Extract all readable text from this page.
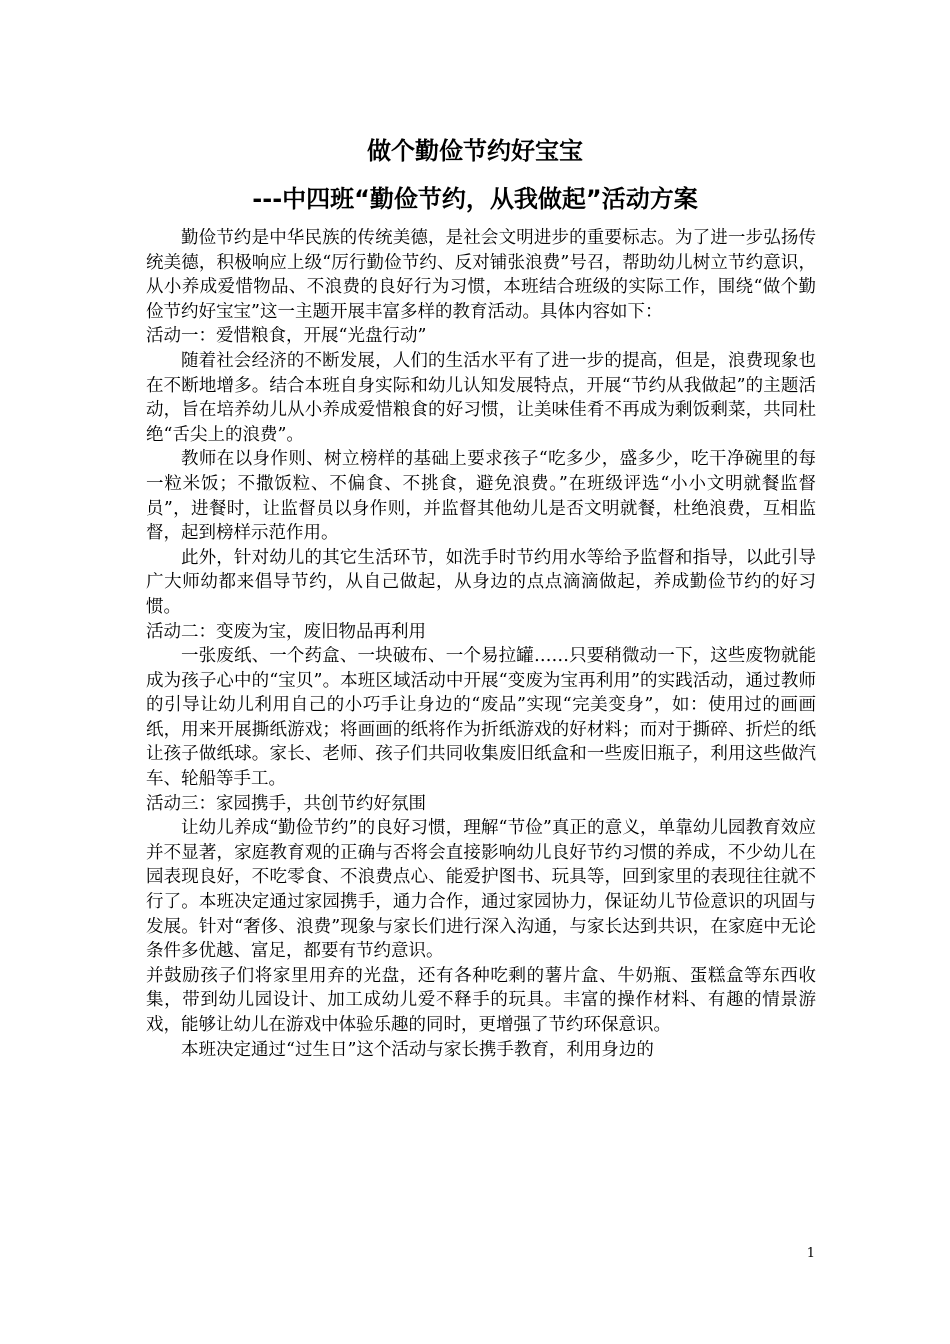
做个勤俭节约好宝宝
---中四班“勤俭节约，从我做起”活动方案

勤俭节约是中华民族的传统美德，是社会文明进步的重要标志。为了进一步弘扬传统美德，积极响应上级“厉行勤俭节约、反对铺张浪费”号召，帮助幼儿树立节约意识，从小养成爱惜物品、不浪费的良好行为习惯，本班结合班级的实际工作，围绕“做个勤俭节约好宝宝”这一主题开展丰富多样的教育活动。具体内容如下：

活动一：爱惜粮食，开展“光盘行动”

随着社会经济的不断发展，人们的生活水平有了进一步的提高，但是，浪费现象也在不断地增多。结合本班自身实际和幼儿认知发展特点，开展“节约从我做起”的主题活动，旨在培养幼儿从小养成爱惜粮食的好习惯，让美味佳肴不再成为剩饭剩菜，共同杜绝“舌尖上的浪费”。

教师在以身作则、树立榜样的基础上要求孩子“吃多少，盛多少，吃干净碗里的每一粒米饭；不撒饭粒、不偏食、不挑食，避免浪费。”在班级评选“小小文明就餐监督员”，进餐时，让监督员以身作则，并监督其他幼儿是否文明就餐，杜绝浪费，互相监督，起到榜样示范作用。

此外，针对幼儿的其它生活环节，如洗手时节约用水等给予监督和指导，以此引导广大师幼都来倡导节约，从自己做起，从身边的点点滴滴做起，养成勤俭节约的好习惯。

活动二：变废为宝，废旧物品再利用

一张废纸、一个药盒、一块破布、一个易拉罐……只要稍微动一下，这些废物就能成为孩子心中的“宝贝”。本班区域活动中开展“变废为宝再利用”的实践活动，通过教师的引导让幼儿利用自己的小巧手让身边的“废品”实现“完美变身”，如：使用过的画画纸，用来开展撕纸游戏；将画画的纸将作为折纸游戏的好材料；而对于撕碎、折烂的纸让孩子做纸球。家长、老师、孩子们共同收集废旧纸盒和一些废旧瓶子，利用这些做汽车、轮船等手工。

活动三：家园携手，共创节约好氛围

让幼儿养成“勤俭节约”的良好习惯，理解“节俭”真正的意义，单靠幼儿园教育效应并不显著，家庭教育观的正确与否将会直接影响幼儿良好节约习惯的养成，不少幼儿在园表现良好，不吃零食、不浪费点心、能爱护图书、玩具等，回到家里的表现往往就不行了。本班决定通过家园携手，通力合作，通过家园协力，保证幼儿节俭意识的巩固与发展。针对“奢侈、浪费”现象与家长们进行深入沟通，与家长达到共识，在家庭中无论条件多优越、富足，都要有节约意识。

并鼓励孩子们将家里用弃的光盘，还有各种吃剩的薯片盒、牛奶瓶、蛋糕盒等东西收集，带到幼儿园设计、加工成幼儿爱不释手的玩具。丰富的操作材料、有趣的情景游戏，能够让幼儿在游戏中体验乐趣的同时，更增强了节约环保意识。

本班决定通过“过生日”这个活动与家长携手教育，利用身边的

1
